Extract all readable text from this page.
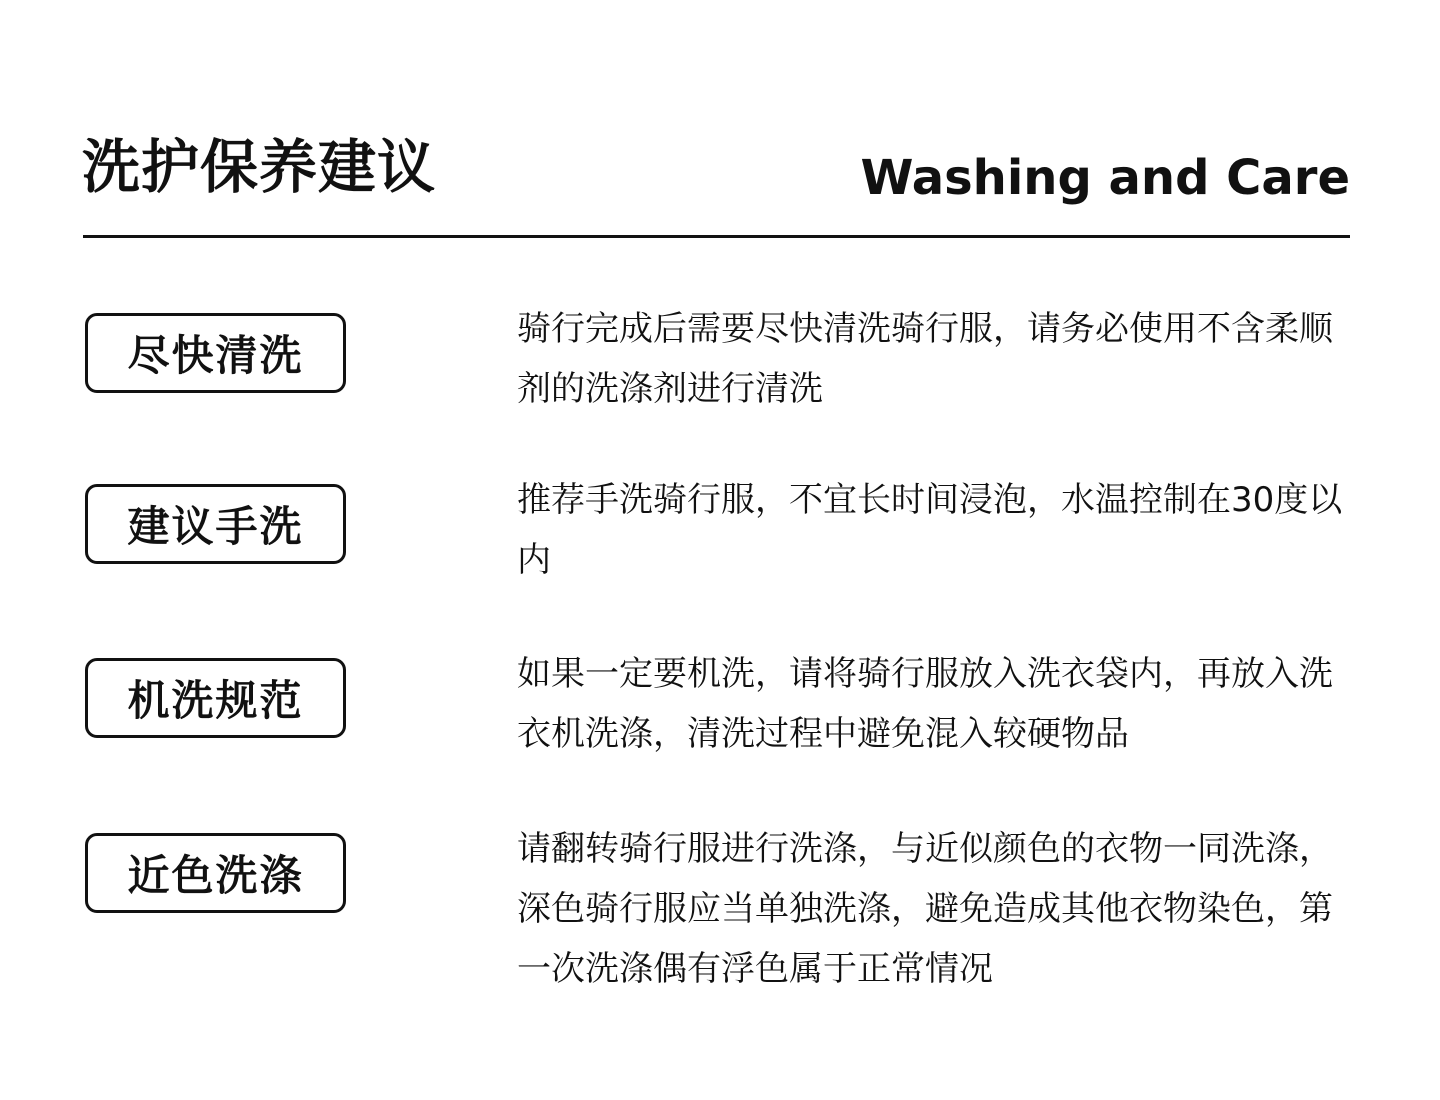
洗护保养建议	Washing and Care
尽快清洗

骑行完成后需要尽快清洗骑行服，请务必使用不含柔顺剂的洗涤剂进行清洗

建议手洗

推荐手洗骑行服，不宜长时间浸泡，水温控制在30度以内

机洗规范

如果一定要机洗，请将骑行服放入洗衣袋内，再放入洗衣机洗涤，清洗过程中避免混入较硬物品

近色洗涤

请翻转骑行服进行洗涤，与近似颜色的衣物一同洗涤，深色骑行服应当单独洗涤，避免造成其他衣物染色，第一次洗涤偶有浮色属于正常情况
